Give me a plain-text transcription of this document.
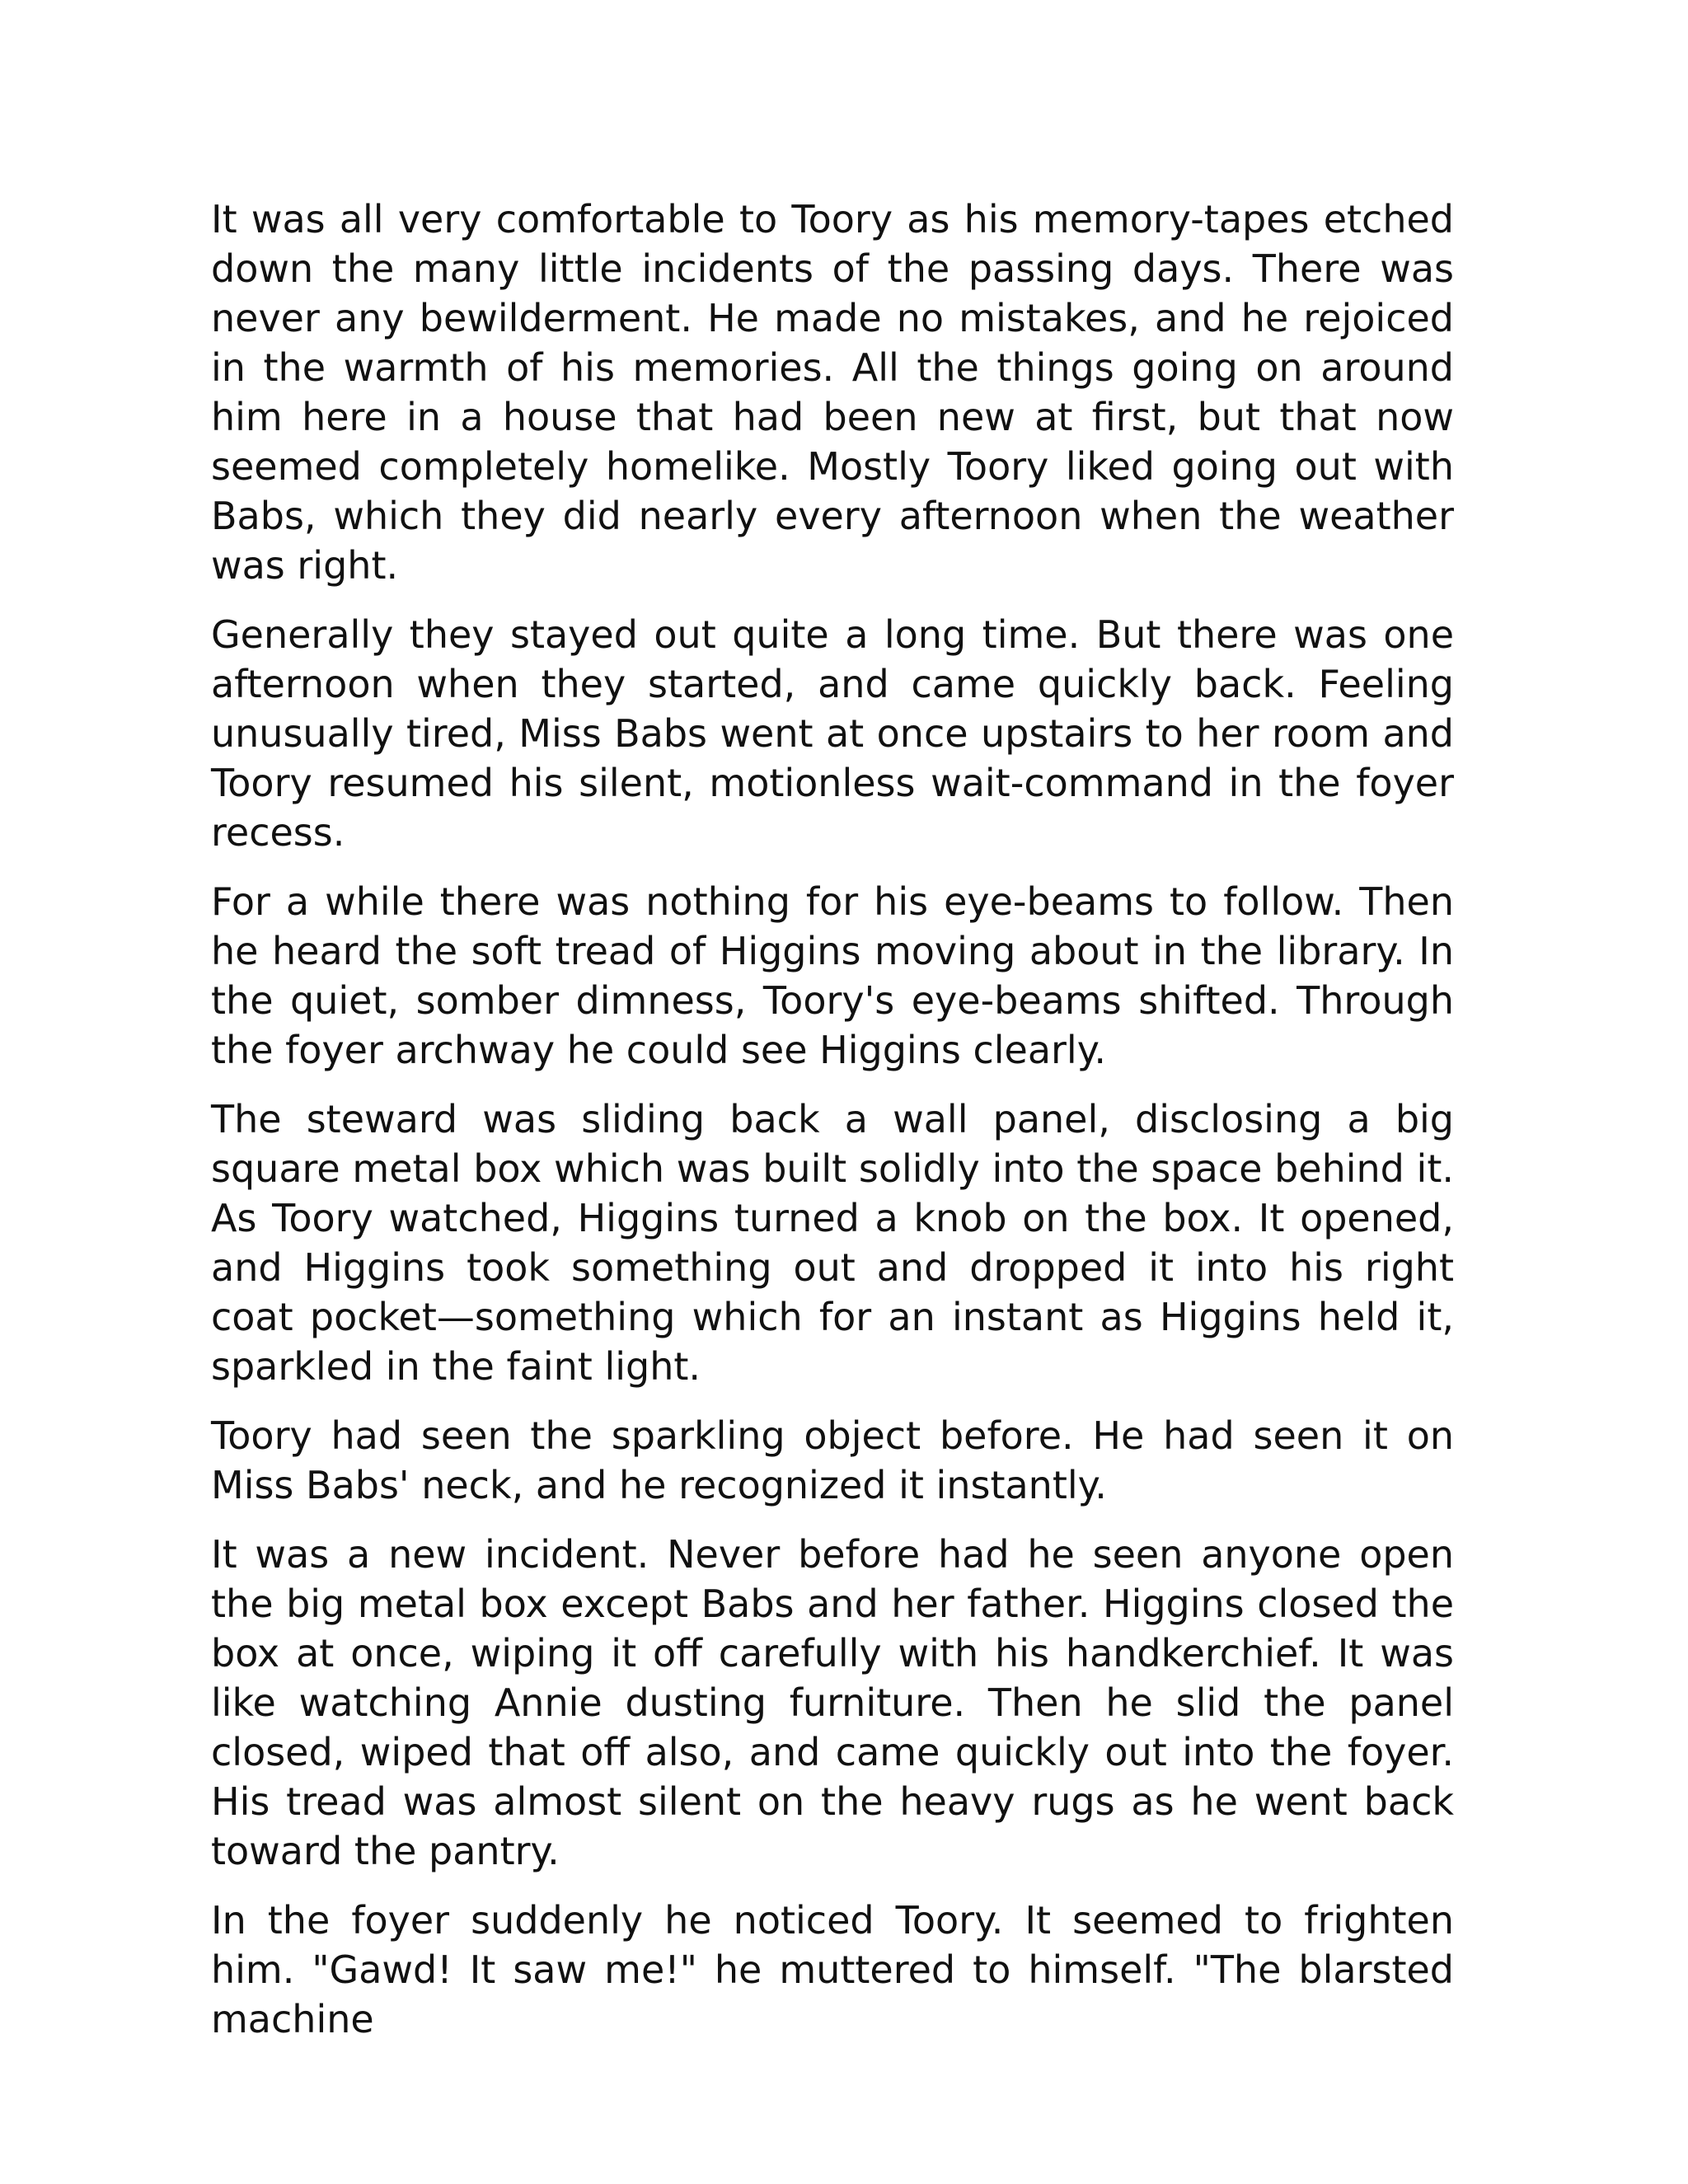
It was all very comfortable to Toory as his memory-tapes etched down the many little incidents of the passing days. There was never any bewilderment. He made no mistakes, and he rejoiced in the warmth of his memories. All the things going on around him here in a house that had been new at first, but that now seemed completely homelike. Mostly Toory liked going out with Babs, which they did nearly every afternoon when the weather was right.

Generally they stayed out quite a long time. But there was one afternoon when they started, and came quickly back. Feeling unusually tired, Miss Babs went at once upstairs to her room and Toory resumed his silent, motionless wait-command in the foyer recess.

For a while there was nothing for his eye-beams to follow. Then he heard the soft tread of Higgins moving about in the library. In the quiet, somber dimness, Toory's eye-beams shifted. Through the foyer archway he could see Higgins clearly.

The steward was sliding back a wall panel, disclosing a big square metal box which was built solidly into the space behind it. As Toory watched, Higgins turned a knob on the box. It opened, and Higgins took something out and dropped it into his right coat pocket—something which for an instant as Higgins held it, sparkled in the faint light.

Toory had seen the sparkling object before. He had seen it on Miss Babs' neck, and he recognized it instantly.

It was a new incident. Never before had he seen anyone open the big metal box except Babs and her father. Higgins closed the box at once, wiping it off carefully with his handkerchief. It was like watching Annie dusting furniture. Then he slid the panel closed, wiped that off also, and came quickly out into the foyer. His tread was almost silent on the heavy rugs as he went back toward the pantry.

In the foyer suddenly he noticed Toory. It seemed to frighten him. "Gawd! It saw me!" he muttered to himself. "The blarsted machine
